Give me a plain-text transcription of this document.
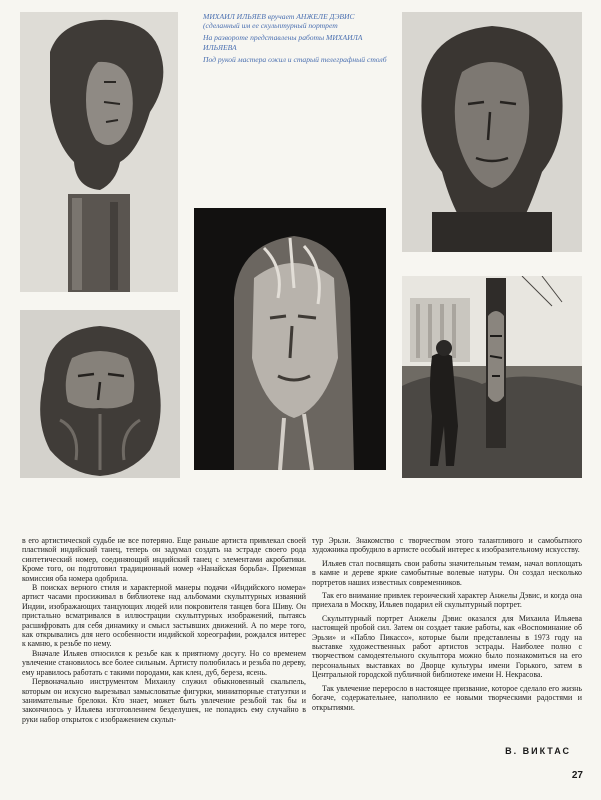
МИХАИЛ ИЛЬЯЕВ вручает АНЖЕЛЕ ДЭВИС (сделанный им ее скульптурный портрет

На развороте представлены работы МИХАИЛА ИЛЬЯЕВА

Под рукой мастера ожил и старый телеграфный столб

в его артистической судьбе не все потеряно. Еще раньше артиста привлекал своей пластикой индийский танец, теперь он задумал создать на эстраде своего рода синтетический номер, соединяющий индийский танец с элементами акробатики. Кроме того, он подготовил традиционный номер «Нанайская борьба». Приемная комиссия оба номера одобрила.

В поисках верного стиля и характерной манеры подачи «Индийского номера» артист часами просиживал в библиотеке над альбомами скульптурных изваяний Индии, изображающих танцующих людей или покровителя танцев бога Шиву. Он пристально всматривался в иллюстрации скульптурных изображений, пытаясь расшифровать для себя динамику и смысл застывших движений. А по мере того, как открывались для него особенности индийской хореографии, рождался интерес к камню, к резьбе по нему.

Вначале Ильяев относился к резьбе как к приятному досугу. Но со временем увлечение становилось все более сильным. Артисту полюбилась и резьба по дереву, ему нравилось работать с такими породами, как клен, дуб, береза, ясень.

Первоначально инструментом Михаилу служил обыкновенный скальпель, которым он искусно вырезывал замысловатые фигурки, миниатюрные статуэтки и занимательные брелоки. Кто знает, может быть увлечение резьбой так бы и закончилось у Ильяева изготовлением безделушек, не попадись ему случайно в руки набор открыток с изображением скульп-

тур Эрьзи. Знакомство с творчеством этого талантливого и самобытного художника пробудило в артисте особый интерес к изобразительному искусству.

Ильяев стал посвящать свои работы значительным темам, начал воплощать в камне и дереве яркие самобытные волевые натуры. Он создал несколько портретов наших известных современников.

Так его внимание привлек героический характер Анжелы Дэвис, и когда она приехала в Москву, Ильяев подарил ей скульптурный портрет.

Скульптурный портрет Анжелы Дэвис оказался для Михаила Ильяева настоящей пробой сил. Затем он создает такие работы, как «Воспоминание об Эрьзи» и «Пабло Пикассо», которые были представлены в 1973 году на выставке художественных работ артистов эстрады. Наиболее полно с творчеством самодеятельного скульптора можно было познакомиться на его персональных выставках во Дворце культуры имени Горького, затем в Центральной городской публичной библиотеке имени Н. Некрасова.

Так увлечение переросло в настоящее призвание, которое сделало его жизнь богаче, содержательнее, наполнило ее новыми творческими радостями и открытиями.

В. ВИКТАС
27
